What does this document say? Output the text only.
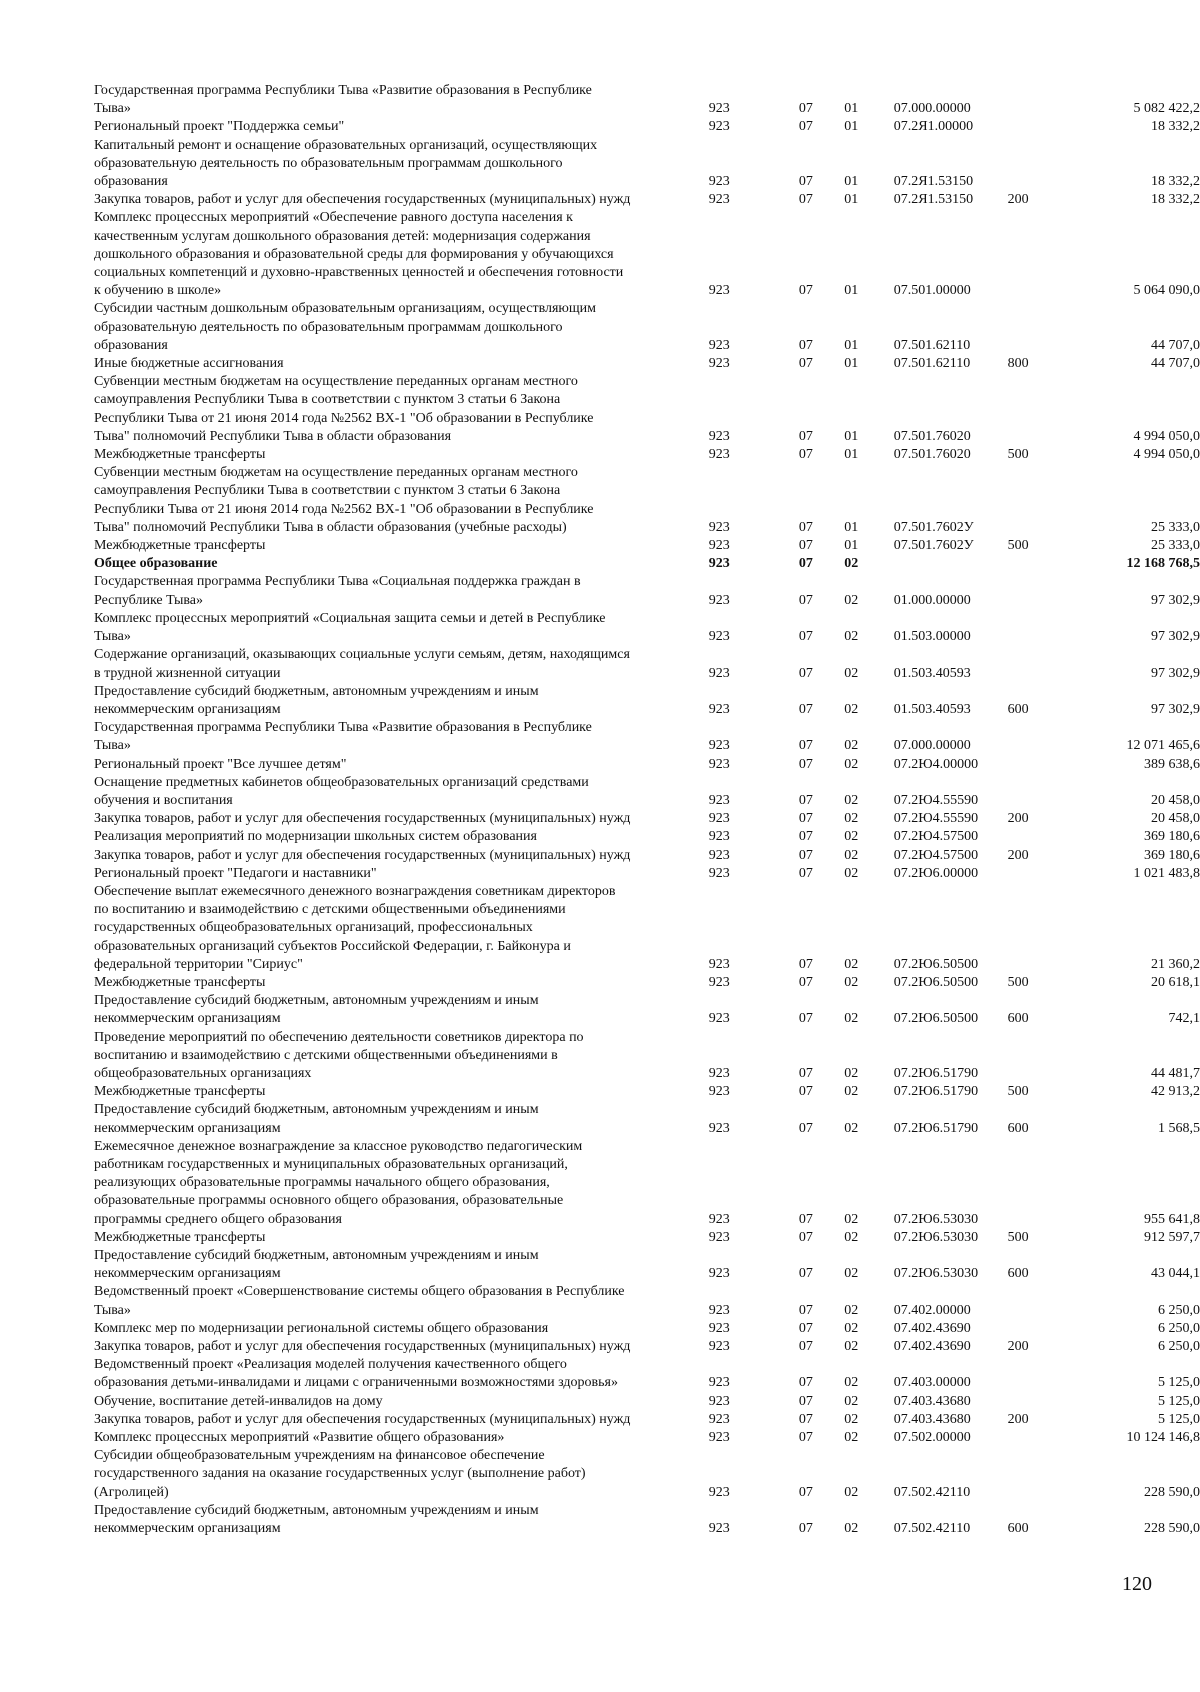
Государственная программа Республики Тыва «Развитие образования в Республике
Тыва»	923	07	01	07.000.00000		5 082 422,2
Региональный проект "Поддержка семьи"	923	07	01	07.2Я1.00000		18 332,2
Капитальный ремонт и оснащение образовательных организаций, осуществляющих
образовательную деятельность по образовательным программам дошкольного
образования	923	07	01	07.2Я1.53150		18 332,2
Закупка товаров, работ и услуг для обеспечения государственных (муниципальных) нужд	923	07	01	07.2Я1.53150	200	18 332,2
Комплекс процессных мероприятий «Обеспечение равного доступа населения к
качественным услугам дошкольного образования детей: модернизация содержания
дошкольного образования и образовательной среды для формирования у обучающихся
социальных компетенций и духовно-нравственных ценностей и обеспечения готовности
к обучению в школе»	923	07	01	07.501.00000		5 064 090,0
Субсидии частным дошкольным образовательным организациям, осуществляющим
образовательную деятельность по образовательным программам дошкольного
образования	923	07	01	07.501.62110		44 707,0
Иные бюджетные ассигнования	923	07	01	07.501.62110	800	44 707,0
Субвенции местным бюджетам на осуществление переданных органам местного
самоуправления Республики Тыва в соответствии с пунктом 3 статьи 6 Закона
Республики Тыва от 21 июня 2014 года №2562 ВХ-1 "Об образовании в Республике
Тыва" полномочий Республики Тыва в области образования	923	07	01	07.501.76020		4 994 050,0
Межбюджетные трансферты	923	07	01	07.501.76020	500	4 994 050,0
Субвенции местным бюджетам на осуществление переданных органам местного
самоуправления Республики Тыва в соответствии с пунктом 3 статьи 6 Закона
Республики Тыва от 21 июня 2014 года №2562 ВХ-1 "Об образовании в Республике
Тыва" полномочий Республики Тыва в области образования (учебные расходы)	923	07	01	07.501.7602У		25 333,0
Межбюджетные трансферты	923	07	01	07.501.7602У	500	25 333,0
Общее образование	923	07	02			12 168 768,5
Государственная программа Республики Тыва «Социальная поддержка граждан в
Республике Тыва»	923	07	02	01.000.00000		97 302,9
Комплекс процессных мероприятий «Социальная защита семьи и детей в Республике
Тыва»	923	07	02	01.503.00000		97 302,9
Содержание организаций, оказывающих социальные услуги семьям, детям, находящимся
в трудной жизненной ситуации	923	07	02	01.503.40593		97 302,9
Предоставление субсидий бюджетным, автономным учреждениям и иным
некоммерческим организациям	923	07	02	01.503.40593	600	97 302,9
Государственная программа Республики Тыва «Развитие образования в Республике
Тыва»	923	07	02	07.000.00000		12 071 465,6
Региональный проект "Все лучшее детям"	923	07	02	07.2Ю4.00000		389 638,6
Оснащение предметных кабинетов общеобразовательных организаций средствами
обучения и воспитания	923	07	02	07.2Ю4.55590		20 458,0
Закупка товаров, работ и услуг для обеспечения государственных (муниципальных) нужд	923	07	02	07.2Ю4.55590	200	20 458,0
Реализация мероприятий по модернизации школьных систем образования	923	07	02	07.2Ю4.57500		369 180,6
Закупка товаров, работ и услуг для обеспечения государственных (муниципальных) нужд	923	07	02	07.2Ю4.57500	200	369 180,6
Региональный проект "Педагоги и наставники"	923	07	02	07.2Ю6.00000		1 021 483,8
Обеспечение выплат ежемесячного денежного вознаграждения советникам директоров
по воспитанию и взаимодействию с детскими общественными объединениями
государственных общеобразовательных организаций, профессиональных
образовательных организаций субъектов Российской Федерации, г. Байконура и
федеральной территории "Сириус"	923	07	02	07.2Ю6.50500		21 360,2
Межбюджетные трансферты	923	07	02	07.2Ю6.50500	500	20 618,1
Предоставление субсидий бюджетным, автономным учреждениям и иным
некоммерческим организациям	923	07	02	07.2Ю6.50500	600	742,1
Проведение мероприятий по обеспечению деятельности советников директора по
воспитанию и взаимодействию с детскими общественными объединениями в
общеобразовательных организациях	923	07	02	07.2Ю6.51790		44 481,7
Межбюджетные трансферты	923	07	02	07.2Ю6.51790	500	42 913,2
Предоставление субсидий бюджетным, автономным учреждениям и иным
некоммерческим организациям	923	07	02	07.2Ю6.51790	600	1 568,5
Ежемесячное денежное вознаграждение за классное руководство педагогическим
работникам государственных и муниципальных образовательных организаций,
реализующих образовательные программы начального общего образования,
образовательные программы основного общего образования, образовательные
программы среднего общего образования	923	07	02	07.2Ю6.53030		955 641,8
Межбюджетные трансферты	923	07	02	07.2Ю6.53030	500	912 597,7
Предоставление субсидий бюджетным, автономным учреждениям и иным
некоммерческим организациям	923	07	02	07.2Ю6.53030	600	43 044,1
Ведомственный проект «Совершенствование системы общего образования в Республике
Тыва»	923	07	02	07.402.00000		6 250,0
Комплекс мер по модернизации региональной системы общего образования	923	07	02	07.402.43690		6 250,0
Закупка товаров, работ и услуг для обеспечения государственных (муниципальных) нужд	923	07	02	07.402.43690	200	6 250,0
Ведомственный проект «Реализация моделей получения качественного общего
образования детьми-инвалидами и лицами с ограниченными возможностями здоровья»	923	07	02	07.403.00000		5 125,0
Обучение, воспитание детей-инвалидов на дому	923	07	02	07.403.43680		5 125,0
Закупка товаров, работ и услуг для обеспечения государственных (муниципальных) нужд	923	07	02	07.403.43680	200	5 125,0
Комплекс процессных мероприятий «Развитие общего образования»	923	07	02	07.502.00000		10 124 146,8
Субсидии общеобразовательным учреждениям на финансовое обеспечение
государственного задания на оказание государственных услуг (выполнение работ)
(Агролицей)	923	07	02	07.502.42110		228 590,0
Предоставление субсидий бюджетным, автономным учреждениям и иным
некоммерческим организациям	923	07	02	07.502.42110	600	228 590,0
120
